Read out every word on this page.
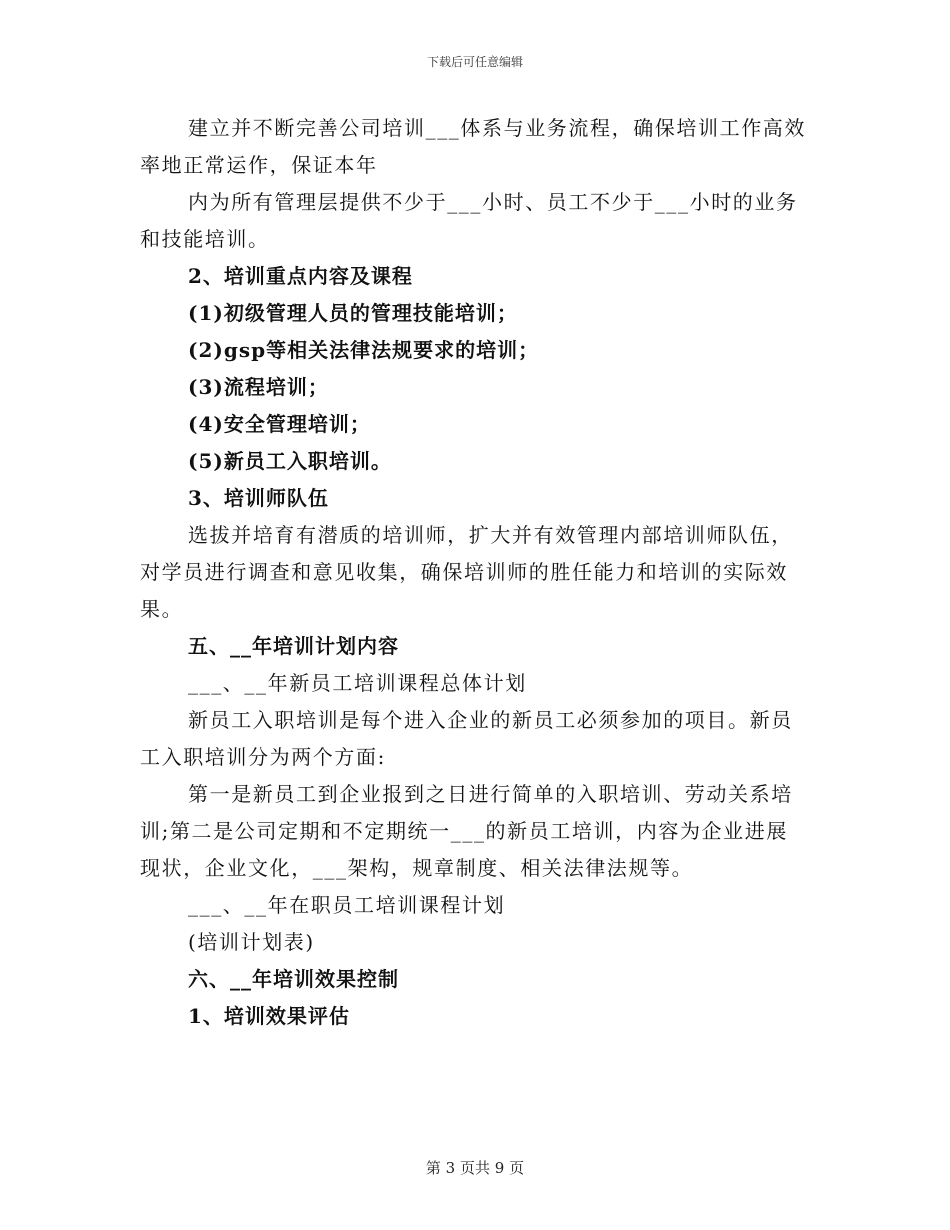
下载后可任意编辑
建立并不断完善公司培训___体系与业务流程，确保培训工作高效
率地正常运作，保证本年
内为所有管理层提供不少于___小时、员工不少于___小时的业务
和技能培训。
2、培训重点内容及课程
(1)初级管理人员的管理技能培训；
(2)gsp等相关法律法规要求的培训；
(3)流程培训；
(4)安全管理培训；
(5)新员工入职培训。
3、培训师队伍
选拔并培育有潜质的培训师，扩大并有效管理内部培训师队伍，
对学员进行调查和意见收集，确保培训师的胜任能力和培训的实际效
果。
五、__年培训计划内容
___、__年新员工培训课程总体计划
新员工入职培训是每个进入企业的新员工必须参加的项目。新员
工入职培训分为两个方面:
第一是新员工到企业报到之日进行简单的入职培训、劳动关系培
训;第二是公司定期和不定期统一___的新员工培训，内容为企业进展
现状，企业文化，___架构，规章制度、相关法律法规等。
___、__年在职员工培训课程计划
(培训计划表)
六、__年培训效果控制
1、培训效果评估
第 3 页共 9 页
